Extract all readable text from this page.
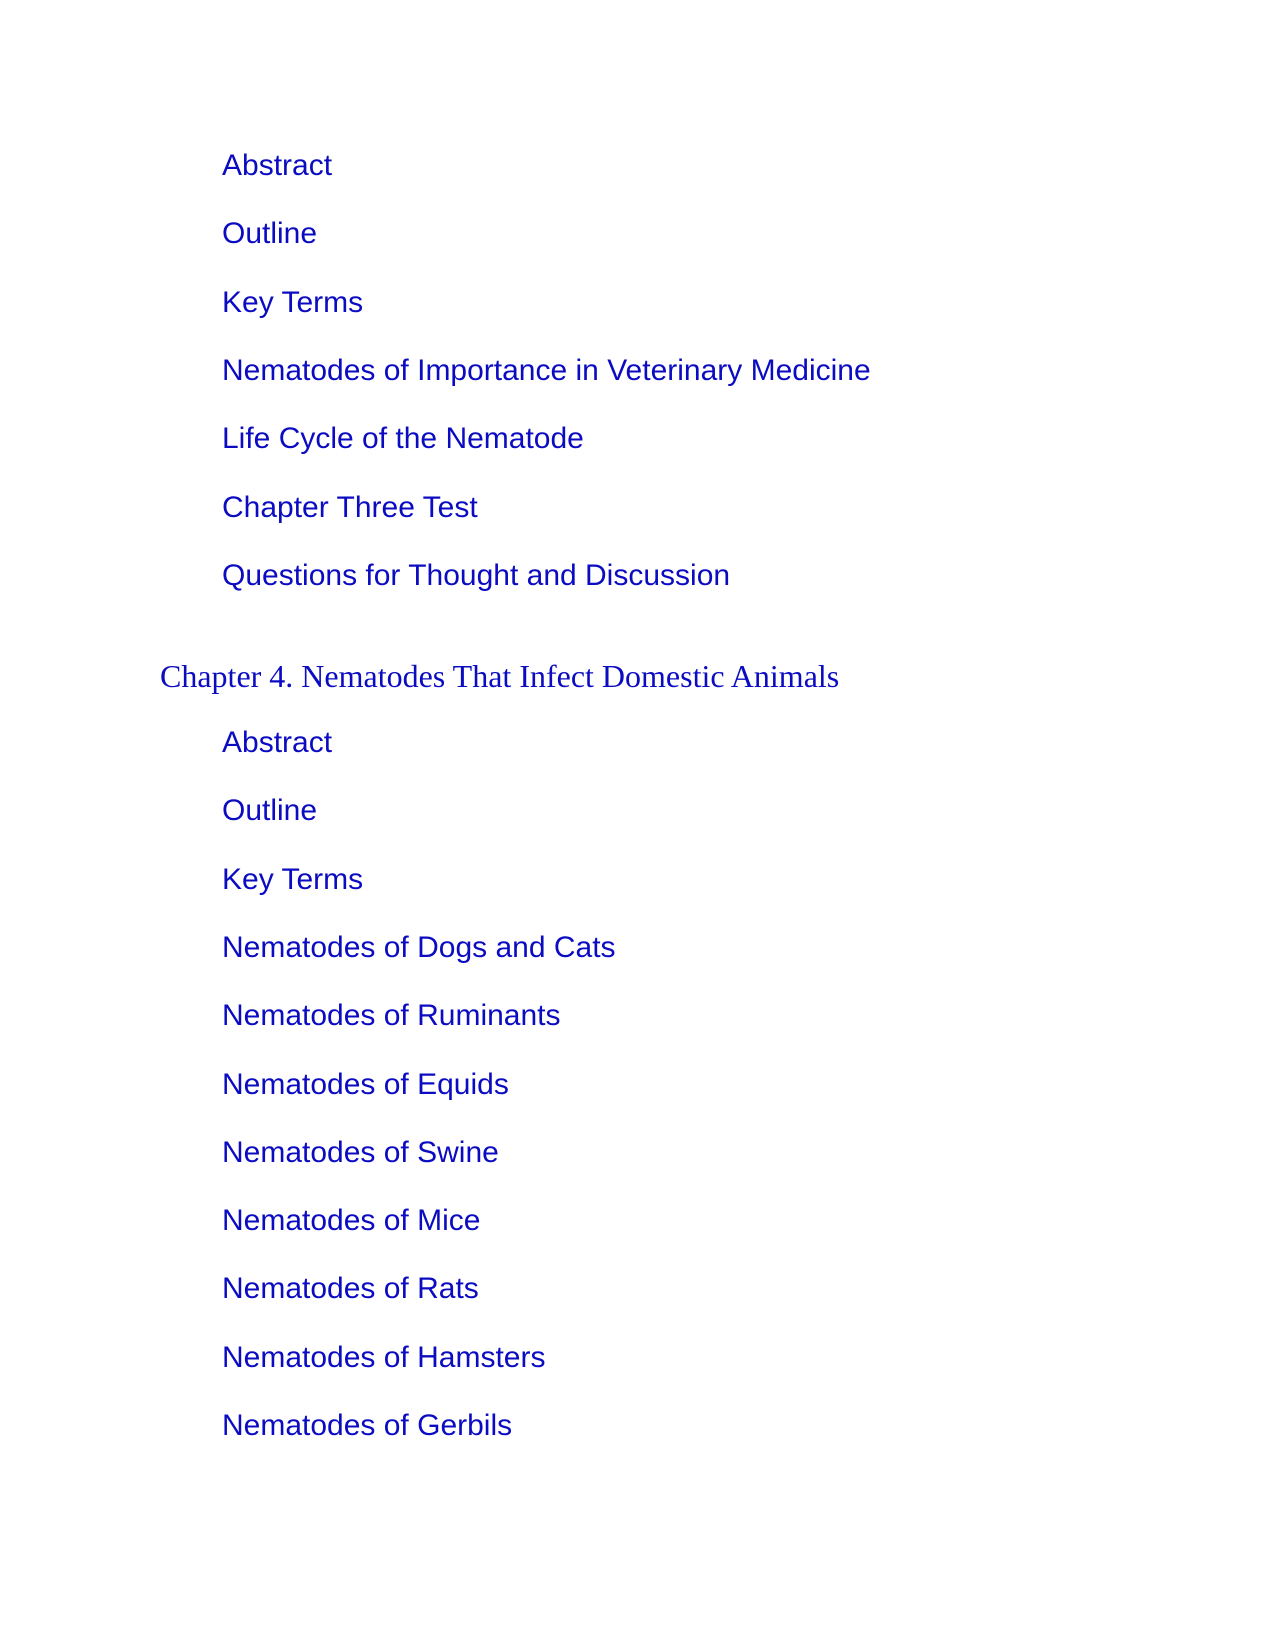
Abstract
Outline
Key Terms
Nematodes of Importance in Veterinary Medicine
Life Cycle of the Nematode
Chapter Three Test
Questions for Thought and Discussion
Chapter 4. Nematodes That Infect Domestic Animals
Abstract
Outline
Key Terms
Nematodes of Dogs and Cats
Nematodes of Ruminants
Nematodes of Equids
Nematodes of Swine
Nematodes of Mice
Nematodes of Rats
Nematodes of Hamsters
Nematodes of Gerbils
